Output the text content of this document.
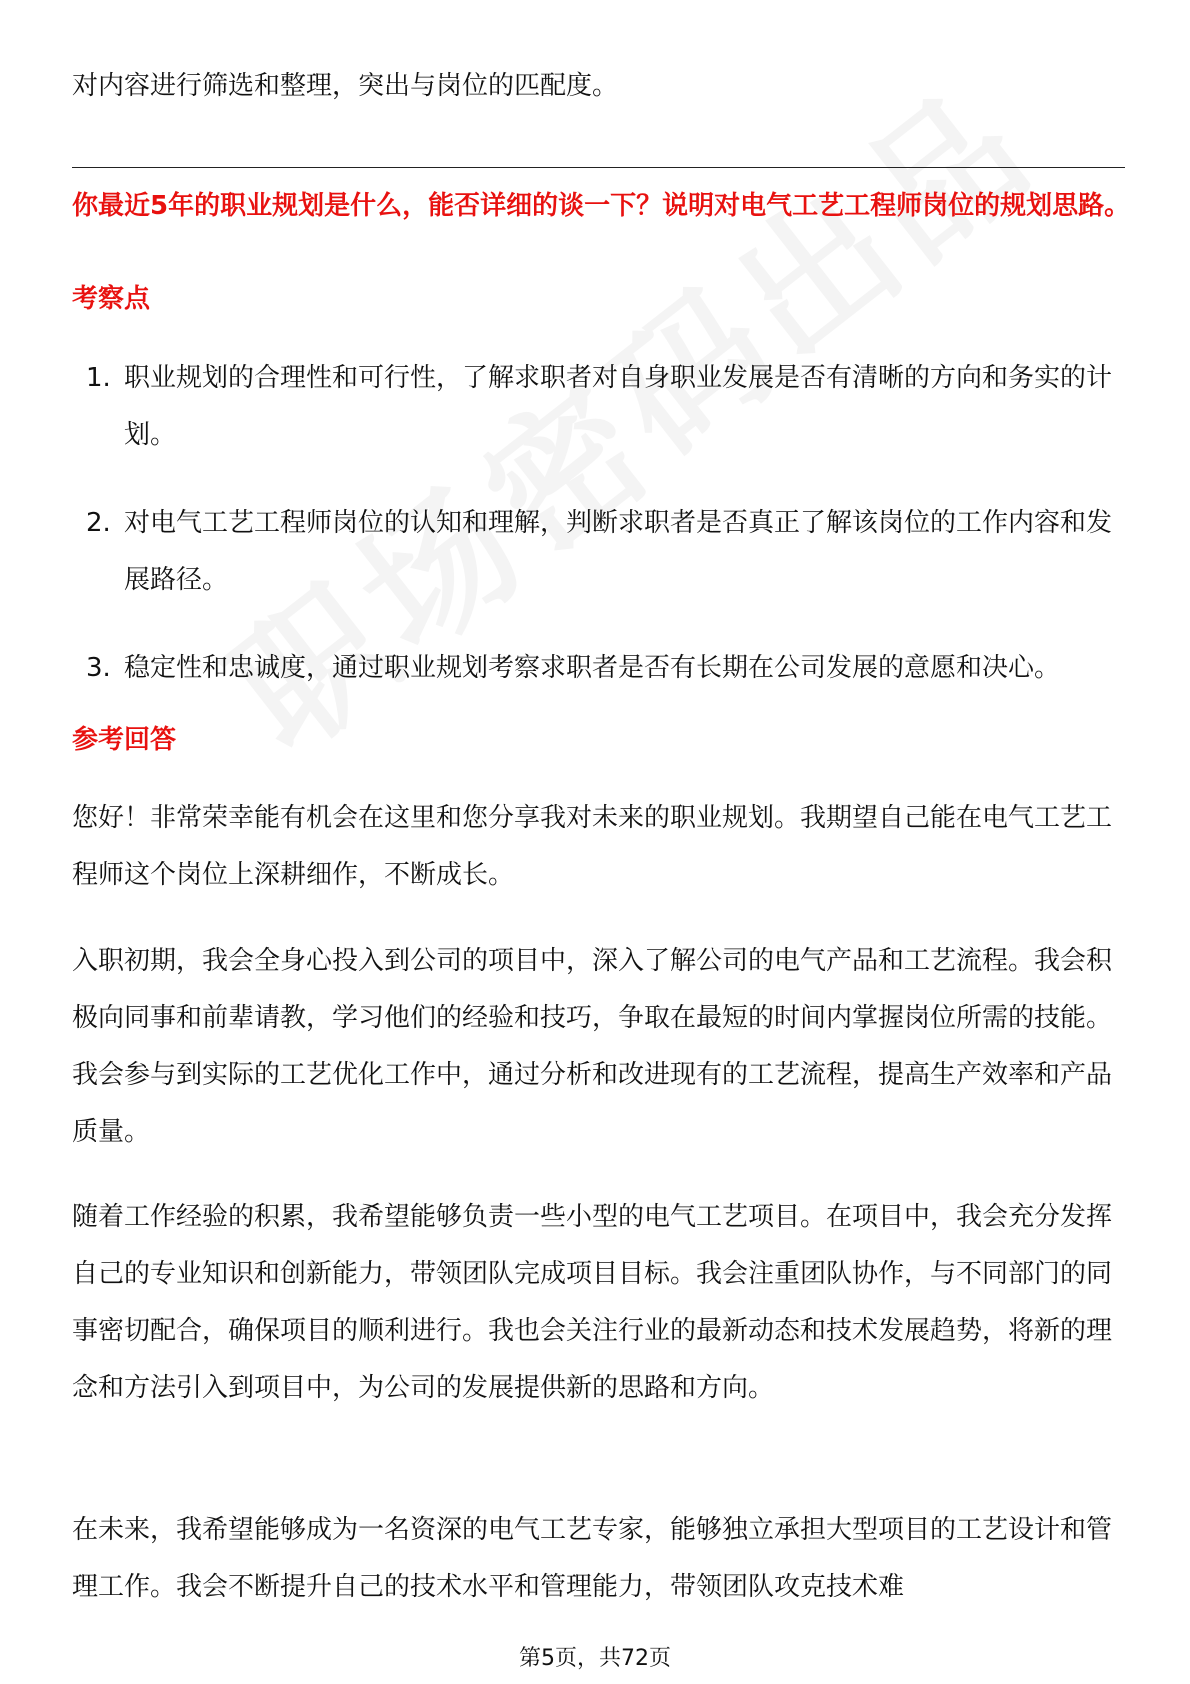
对内容进行筛选和整理，突出与岗位的匹配度。

你最近5年的职业规划是什么，能否详细的谈一下？说明对电气工艺工程师岗位的规划思路。

考察点
1. 职业规划的合理性和可行性，了解求职者对自身职业发展是否有清晰的方向和务实的计划。
2. 对电气工艺工程师岗位的认知和理解，判断求职者是否真正了解该岗位的工作内容和发展路径。
3. 稳定性和忠诚度，通过职业规划考察求职者是否有长期在公司发展的意愿和决心。
参考回答

您好！非常荣幸能有机会在这里和您分享我对未来的职业规划。我期望自己能在电气工艺工程师这个岗位上深耕细作，不断成长。

入职初期，我会全身心投入到公司的项目中，深入了解公司的电气产品和工艺流程。我会积极向同事和前辈请教，学习他们的经验和技巧，争取在最短的时间内掌握岗位所需的技能。我会参与到实际的工艺优化工作中，通过分析和改进现有的工艺流程，提高生产效率和产品质量。

随着工作经验的积累，我希望能够负责一些小型的电气工艺项目。在项目中，我会充分发挥自己的专业知识和创新能力，带领团队完成项目目标。我会注重团队协作，与不同部门的同事密切配合，确保项目的顺利进行。我也会关注行业的最新动态和技术发展趋势，将新的理念和方法引入到项目中，为公司的发展提供新的思路和方向。

在未来，我希望能够成为一名资深的电气工艺专家，能够独立承担大型项目的工艺设计和管理工作。我会不断提升自己的技术水平和管理能力，带领团队攻克技术难

第5页，共72页
